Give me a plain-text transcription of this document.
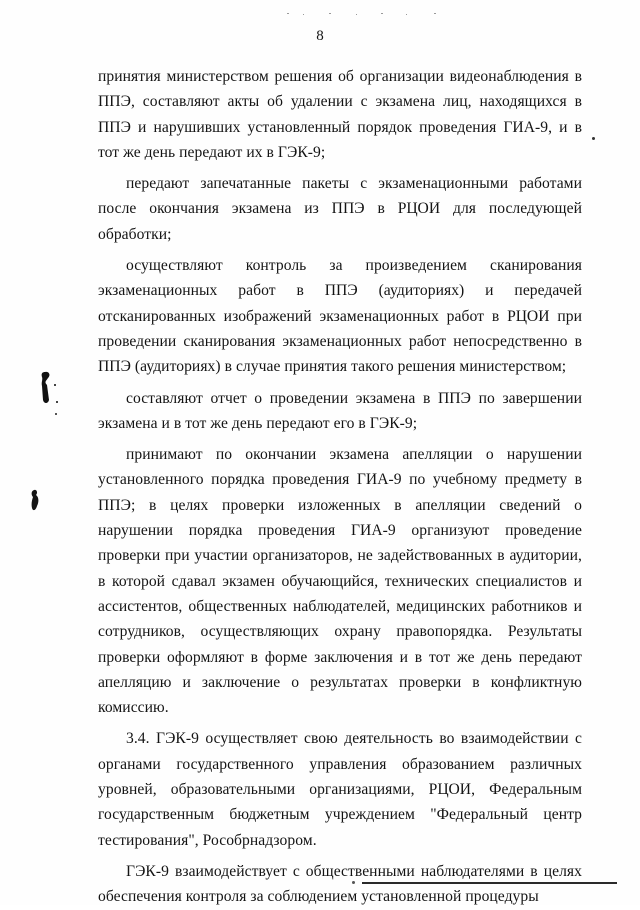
8

принятия министерством решения об организации видеонаблюдения в ППЭ, составляют акты об удалении с экзамена лиц, находящихся в ППЭ и нарушивших установленный порядок проведения ГИА-9, и в тот же день передают их в ГЭК-9;

передают запечатанные пакеты с экзаменационными работами после окончания экзамена из ППЭ в РЦОИ для последующей обработки;

осуществляют контроль за произведением сканирования экзаменационных работ в ППЭ (аудиториях) и передачей отсканированных изображений экзаменационных работ в РЦОИ при проведении сканирования экзаменационных работ непосредственно в ППЭ (аудиториях) в случае принятия такого решения министерством;

составляют отчет о проведении экзамена в ППЭ по завершении экзамена и в тот же день передают его в ГЭК-9;

принимают по окончании экзамена апелляции о нарушении установленного порядка проведения ГИА-9 по учебному предмету в ППЭ; в целях проверки изложенных в апелляции сведений о нарушении порядка проведения ГИА-9 организуют проведение проверки при участии организаторов, не задействованных в аудитории, в которой сдавал экзамен обучающийся, технических специалистов и ассистентов, общественных наблюдателей, медицинских работников и сотрудников, осуществляющих охрану правопорядка. Результаты проверки оформляют в форме заключения и в тот же день передают апелляцию и заключение о результатах проверки в конфликтную комиссию.

3.4. ГЭК-9 осуществляет свою деятельность во взаимодействии с органами государственного управления образованием различных уровней, образовательными организациями, РЦОИ, Федеральным государственным бюджетным учреждением "Федеральный центр тестирования", Рособрнадзором.

ГЭК-9 взаимодействует с общественными наблюдателями в целях обеспечения контроля за соблюдением установленной процедуры
